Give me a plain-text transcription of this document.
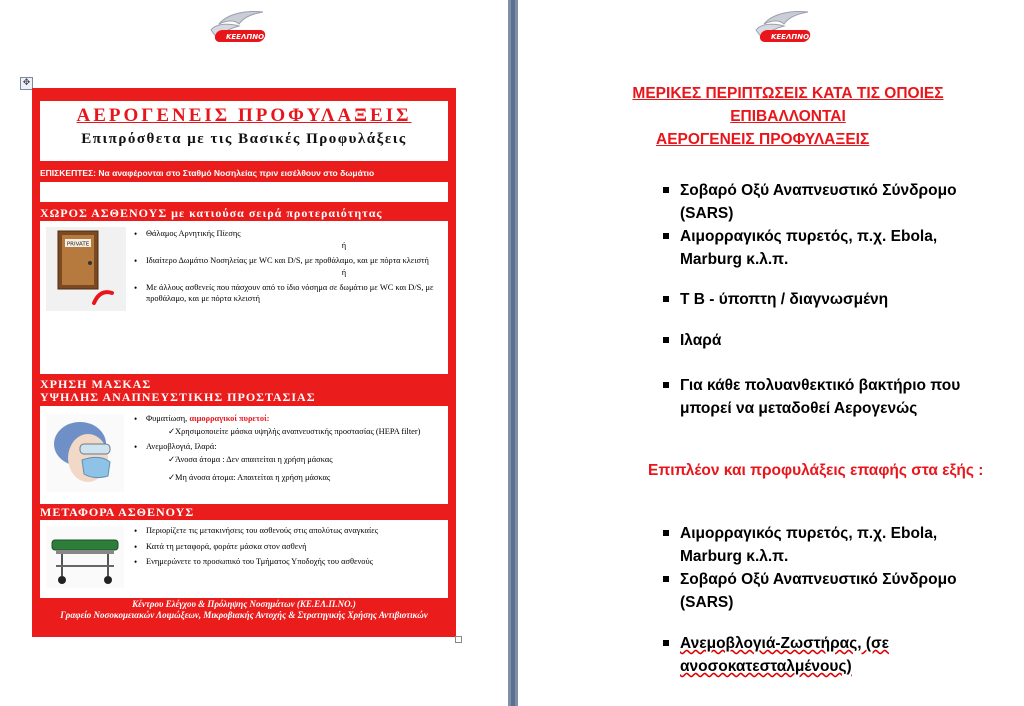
ΚΕΕΛΠΝΟ
✥
ΑΕΡΟΓΕΝΕΙΣ ΠΡΟΦΥΛΑΞΕΙΣ
Επιπρόσθετα με τις Βασικές Προφυλάξεις
ΕΠΙΣΚΕΠΤΕΣ: Να αναφέρονται στο Σταθμό Νοσηλείας πριν εισέλθουν στο δωμάτιο
ΧΩΡΟΣ ΑΣΘΕΝΟΥΣ με κατιούσα σειρά προτεραιότητας
PRIVATE
• Θάλαμος Αρνητικής Πίεσης
ή
• Ιδιαίτερο Δωμάτιο Νοσηλείας με WC και D/S, με προθάλαμο, και με πόρτα κλειστή
ή
• Με άλλους ασθενείς που πάσχουν από το ίδιο νόσημα σε δωμάτιο με WC και D/S, με προθάλαμο, και με πόρτα κλειστή
ΧΡΗΣΗ ΜΑΣΚΑΣ
ΥΨΗΛΗΣ ΑΝΑΠΝΕΥΣΤΙΚΗΣ ΠΡΟΣΤΑΣΙΑΣ
• Φυματίωση, αιμορραγικοί πυρετοί:
✓Χρησιμοποιείτε μάσκα υψηλής αναπνευστικής προστασίας (HEPA filter)
• Ανεμοβλογιά, Ιλαρά:
✓Άνοσα άτομα : Δεν απαιτείται η χρήση μάσκας
✓Μη άνοσα άτομα: Απαιτείται η χρήση μάσκας
ΜΕΤΑΦΟΡΑ ΑΣΘΕΝΟΥΣ
• Περιορίζετε τις μετακινήσεις του ασθενούς στις απολύτως αναγκαίες
• Κατά τη μεταφορά, φοράτε μάσκα στον ασθενή
• Ενημερώνετε το προσωπικό του Τμήματος Υποδοχής του ασθενούς
Κέντρου Ελέγχου & Πρόληψης Νοσημάτων (ΚΕ.ΕΛ.Π.ΝΟ.)
Γραφείο Νοσοκομειακών Λοιμώξεων, Μικροβιακής Αντοχής & Στρατηγικής Χρήσης Αντιβιοτικών
ΚΕΕΛΠΝΟ
ΜΕΡΙΚΕΣ ΠΕΡΙΠΤΩΣΕΙΣ ΚΑΤΑ ΤΙΣ ΟΠΟΙΕΣ
ΕΠΙΒΑΛΛΟΝΤΑΙ
ΑΕΡΟΓΕΝΕΙΣ ΠΡΟΦΥΛΑΞΕΙΣ
Σοβαρό Οξύ Αναπνευστικό Σύνδρομο (SARS)
Αιμορραγικός πυρετός, π.χ. Ebola, Marburg κ.λ.π.
Τ Β - ύποπτη / διαγνωσμένη
Ιλαρά
Για κάθε πολυανθεκτικό βακτήριο που μπορεί να μεταδοθεί Αερογενώς
Επιπλέον και προφυλάξεις επαφής στα εξής :
Αιμορραγικός πυρετός, π.χ. Ebola, Marburg κ.λ.π.
Σοβαρό Οξύ Αναπνευστικό Σύνδρομο (SARS)
Ανεμοβλογιά-Ζωστήρας, (σε ανοσοκατεσταλμένους)
